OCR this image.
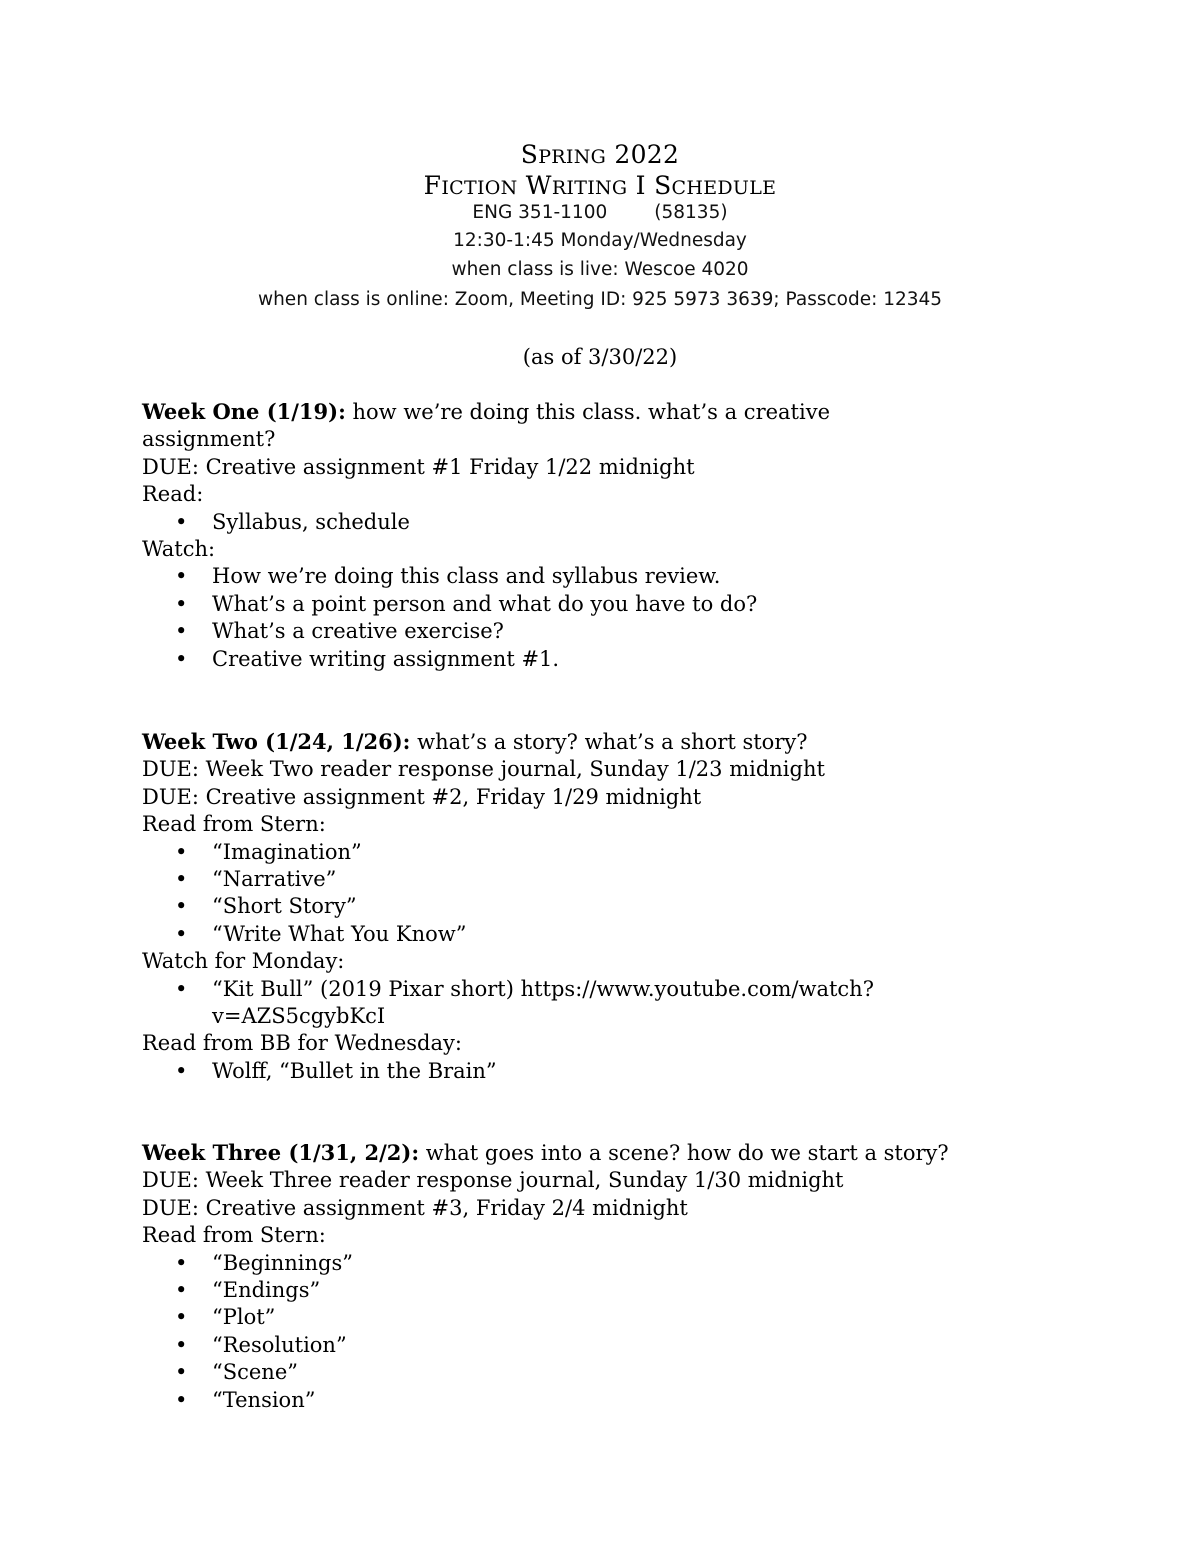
SPRING 2022
FICTION WRITING I SCHEDULE
ENG 351-1100        (58135)
12:30-1:45 Monday/Wednesday
when class is live: Wescoe 4020
when class is online: Zoom, Meeting ID: 925 5973 3639; Passcode: 12345
(as of 3/30/22)

Week One (1/19): how we’re doing this class. what’s a creative

assignment?

DUE: Creative assignment #1 Friday 1/22 midnight

Read:

• Syllabus, schedule

Watch:

• How we’re doing this class and syllabus review.
• What’s a point person and what do you have to do?
• What’s a creative exercise?
• Creative writing assignment #1.

Week Two (1/24, 1/26): what’s a story? what’s a short story?

DUE: Week Two reader response journal, Sunday 1/23 midnight

DUE: Creative assignment #2, Friday 1/29 midnight

Read from Stern:

• “Imagination”
• “Narrative”
• “Short Story”
• “Write What You Know”

Watch for Monday:

• “Kit Bull” (2019 Pixar short) https://www.youtube.com/watch?v=AZS5cgybKcI

Read from BB for Wednesday:

• Wolff, “Bullet in the Brain”

Week Three (1/31, 2/2): what goes into a scene? how do we start a story?

DUE: Week Three reader response journal, Sunday 1/30 midnight

DUE: Creative assignment #3, Friday 2/4 midnight

Read from Stern:

• “Beginnings”
• “Endings”
• “Plot”
• “Resolution”
• “Scene”
• “Tension”
